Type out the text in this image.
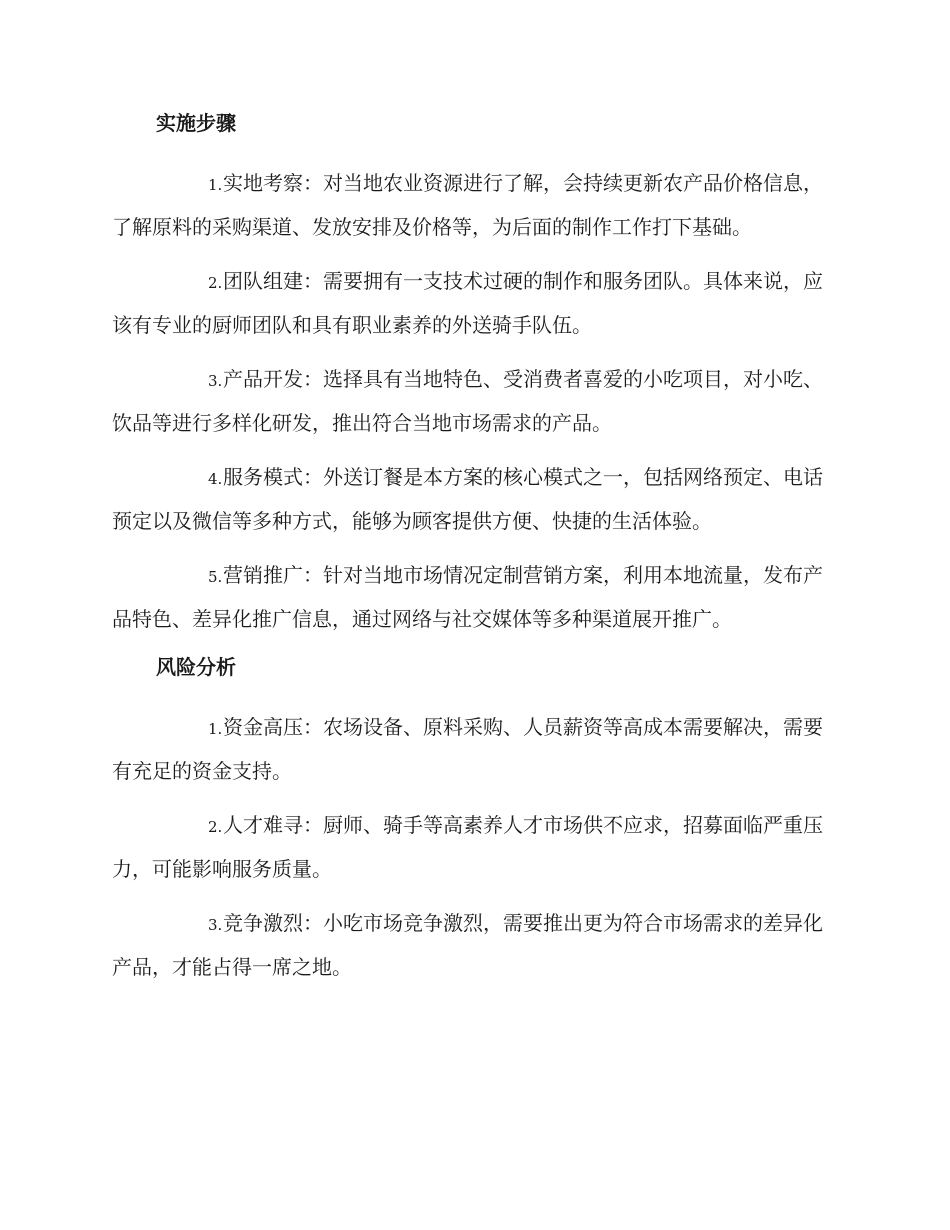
实施步骤

1.实地考察：对当地农业资源进行了解，会持续更新农产品价格信息，了解原料的采购渠道、发放安排及价格等，为后面的制作工作打下基础。

2.团队组建：需要拥有一支技术过硬的制作和服务团队。具体来说，应该有专业的厨师团队和具有职业素养的外送骑手队伍。

3.产品开发：选择具有当地特色、受消费者喜爱的小吃项目，对小吃、饮品等进行多样化研发，推出符合当地市场需求的产品。

4.服务模式：外送订餐是本方案的核心模式之一，包括网络预定、电话预定以及微信等多种方式，能够为顾客提供方便、快捷的生活体验。

5.营销推广：针对当地市场情况定制营销方案，利用本地流量，发布产品特色、差异化推广信息，通过网络与社交媒体等多种渠道展开推广。

风险分析

1.资金高压：农场设备、原料采购、人员薪资等高成本需要解决，需要有充足的资金支持。

2.人才难寻：厨师、骑手等高素养人才市场供不应求，招募面临严重压力，可能影响服务质量。

3.竞争激烈：小吃市场竞争激烈，需要推出更为符合市场需求的差异化产品，才能占得一席之地。
